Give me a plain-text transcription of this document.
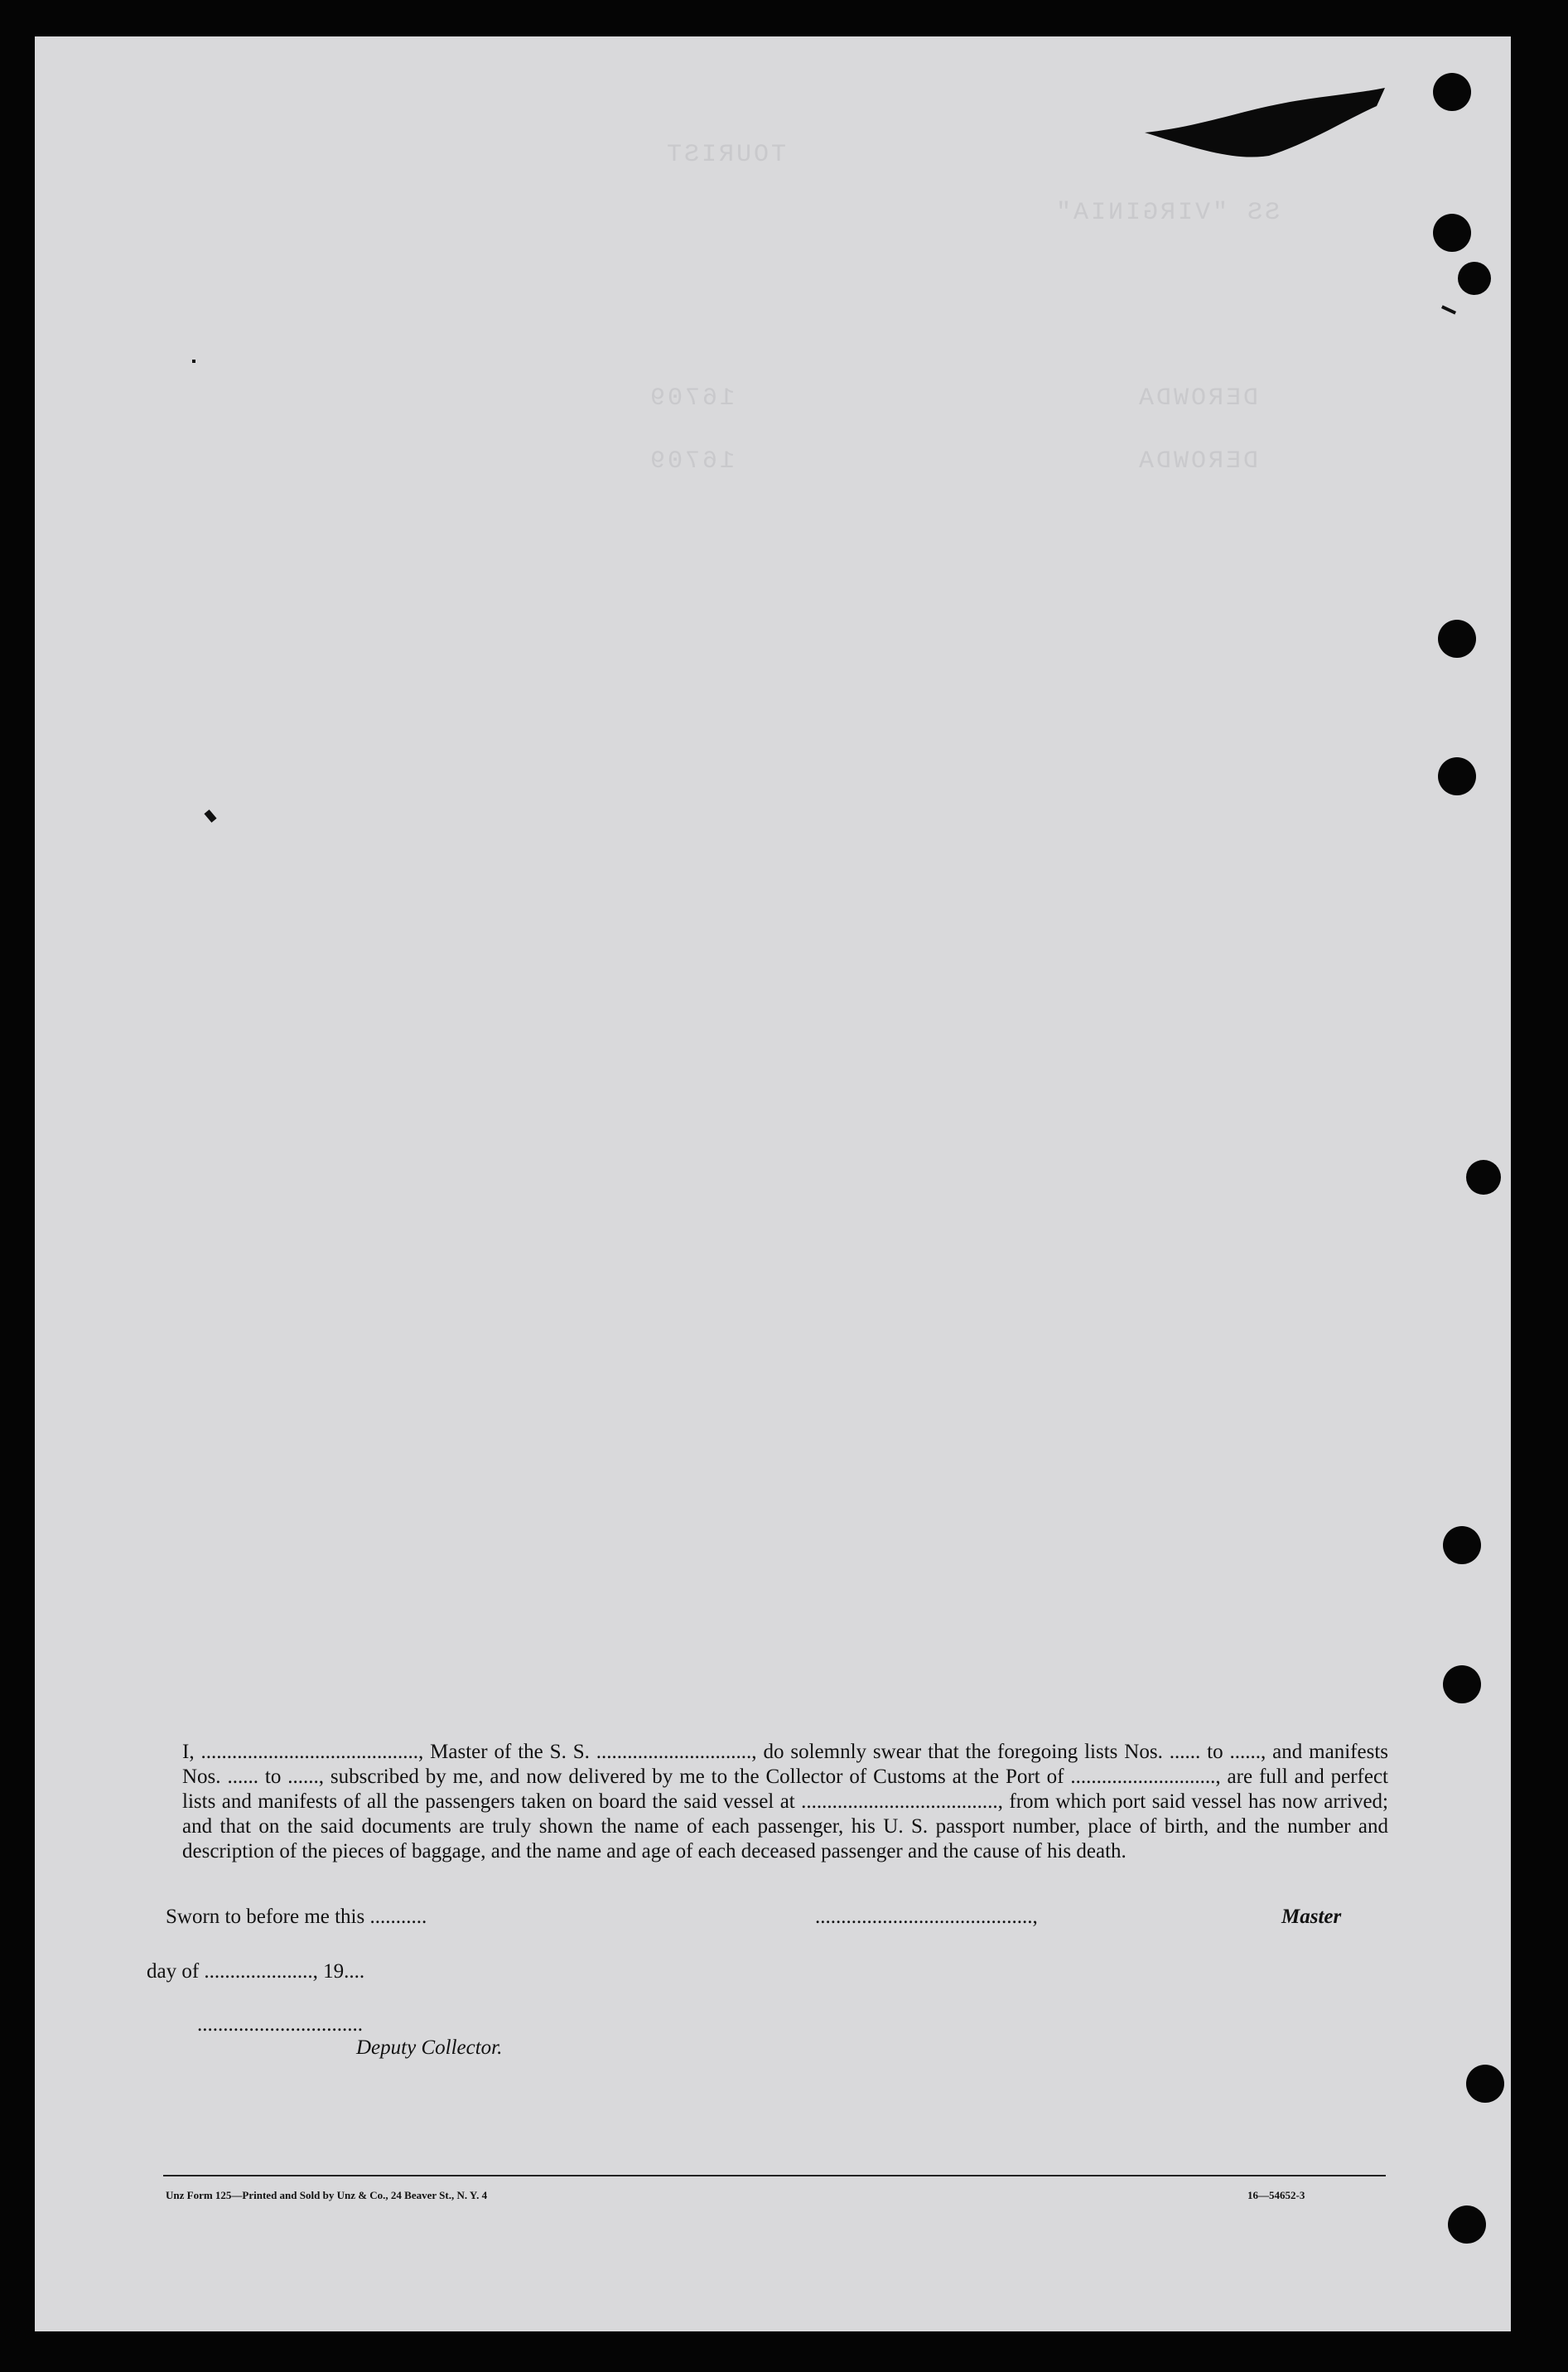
TOURIST
SS "VIRGINIA"
DEROWDA
DEROWDA
16709
16709

I, .........................................., Master of the S. S. .............................., do solemnly swear that the foregoing lists Nos. ...... to ......, and manifests Nos. ...... to ......, subscribed by me, and now delivered by me to the Collector of Customs at the Port of ............................, are full and perfect lists and manifests of all the passengers taken on board the said vessel at ......................................, from which port said vessel has now arrived; and that on the said documents are truly shown the name of each passenger, his U. S. passport number, place of birth, and the number and description of the pieces of baggage, and the name and age of each deceased passenger and the cause of his death.

Sworn to before me this ...........	..........................................,	Master
day of ....................., 19....
................................
Deputy Collector.
Unz Form 125—Printed and Sold by Unz & Co., 24 Beaver St., N. Y. 4	16—54652-3
